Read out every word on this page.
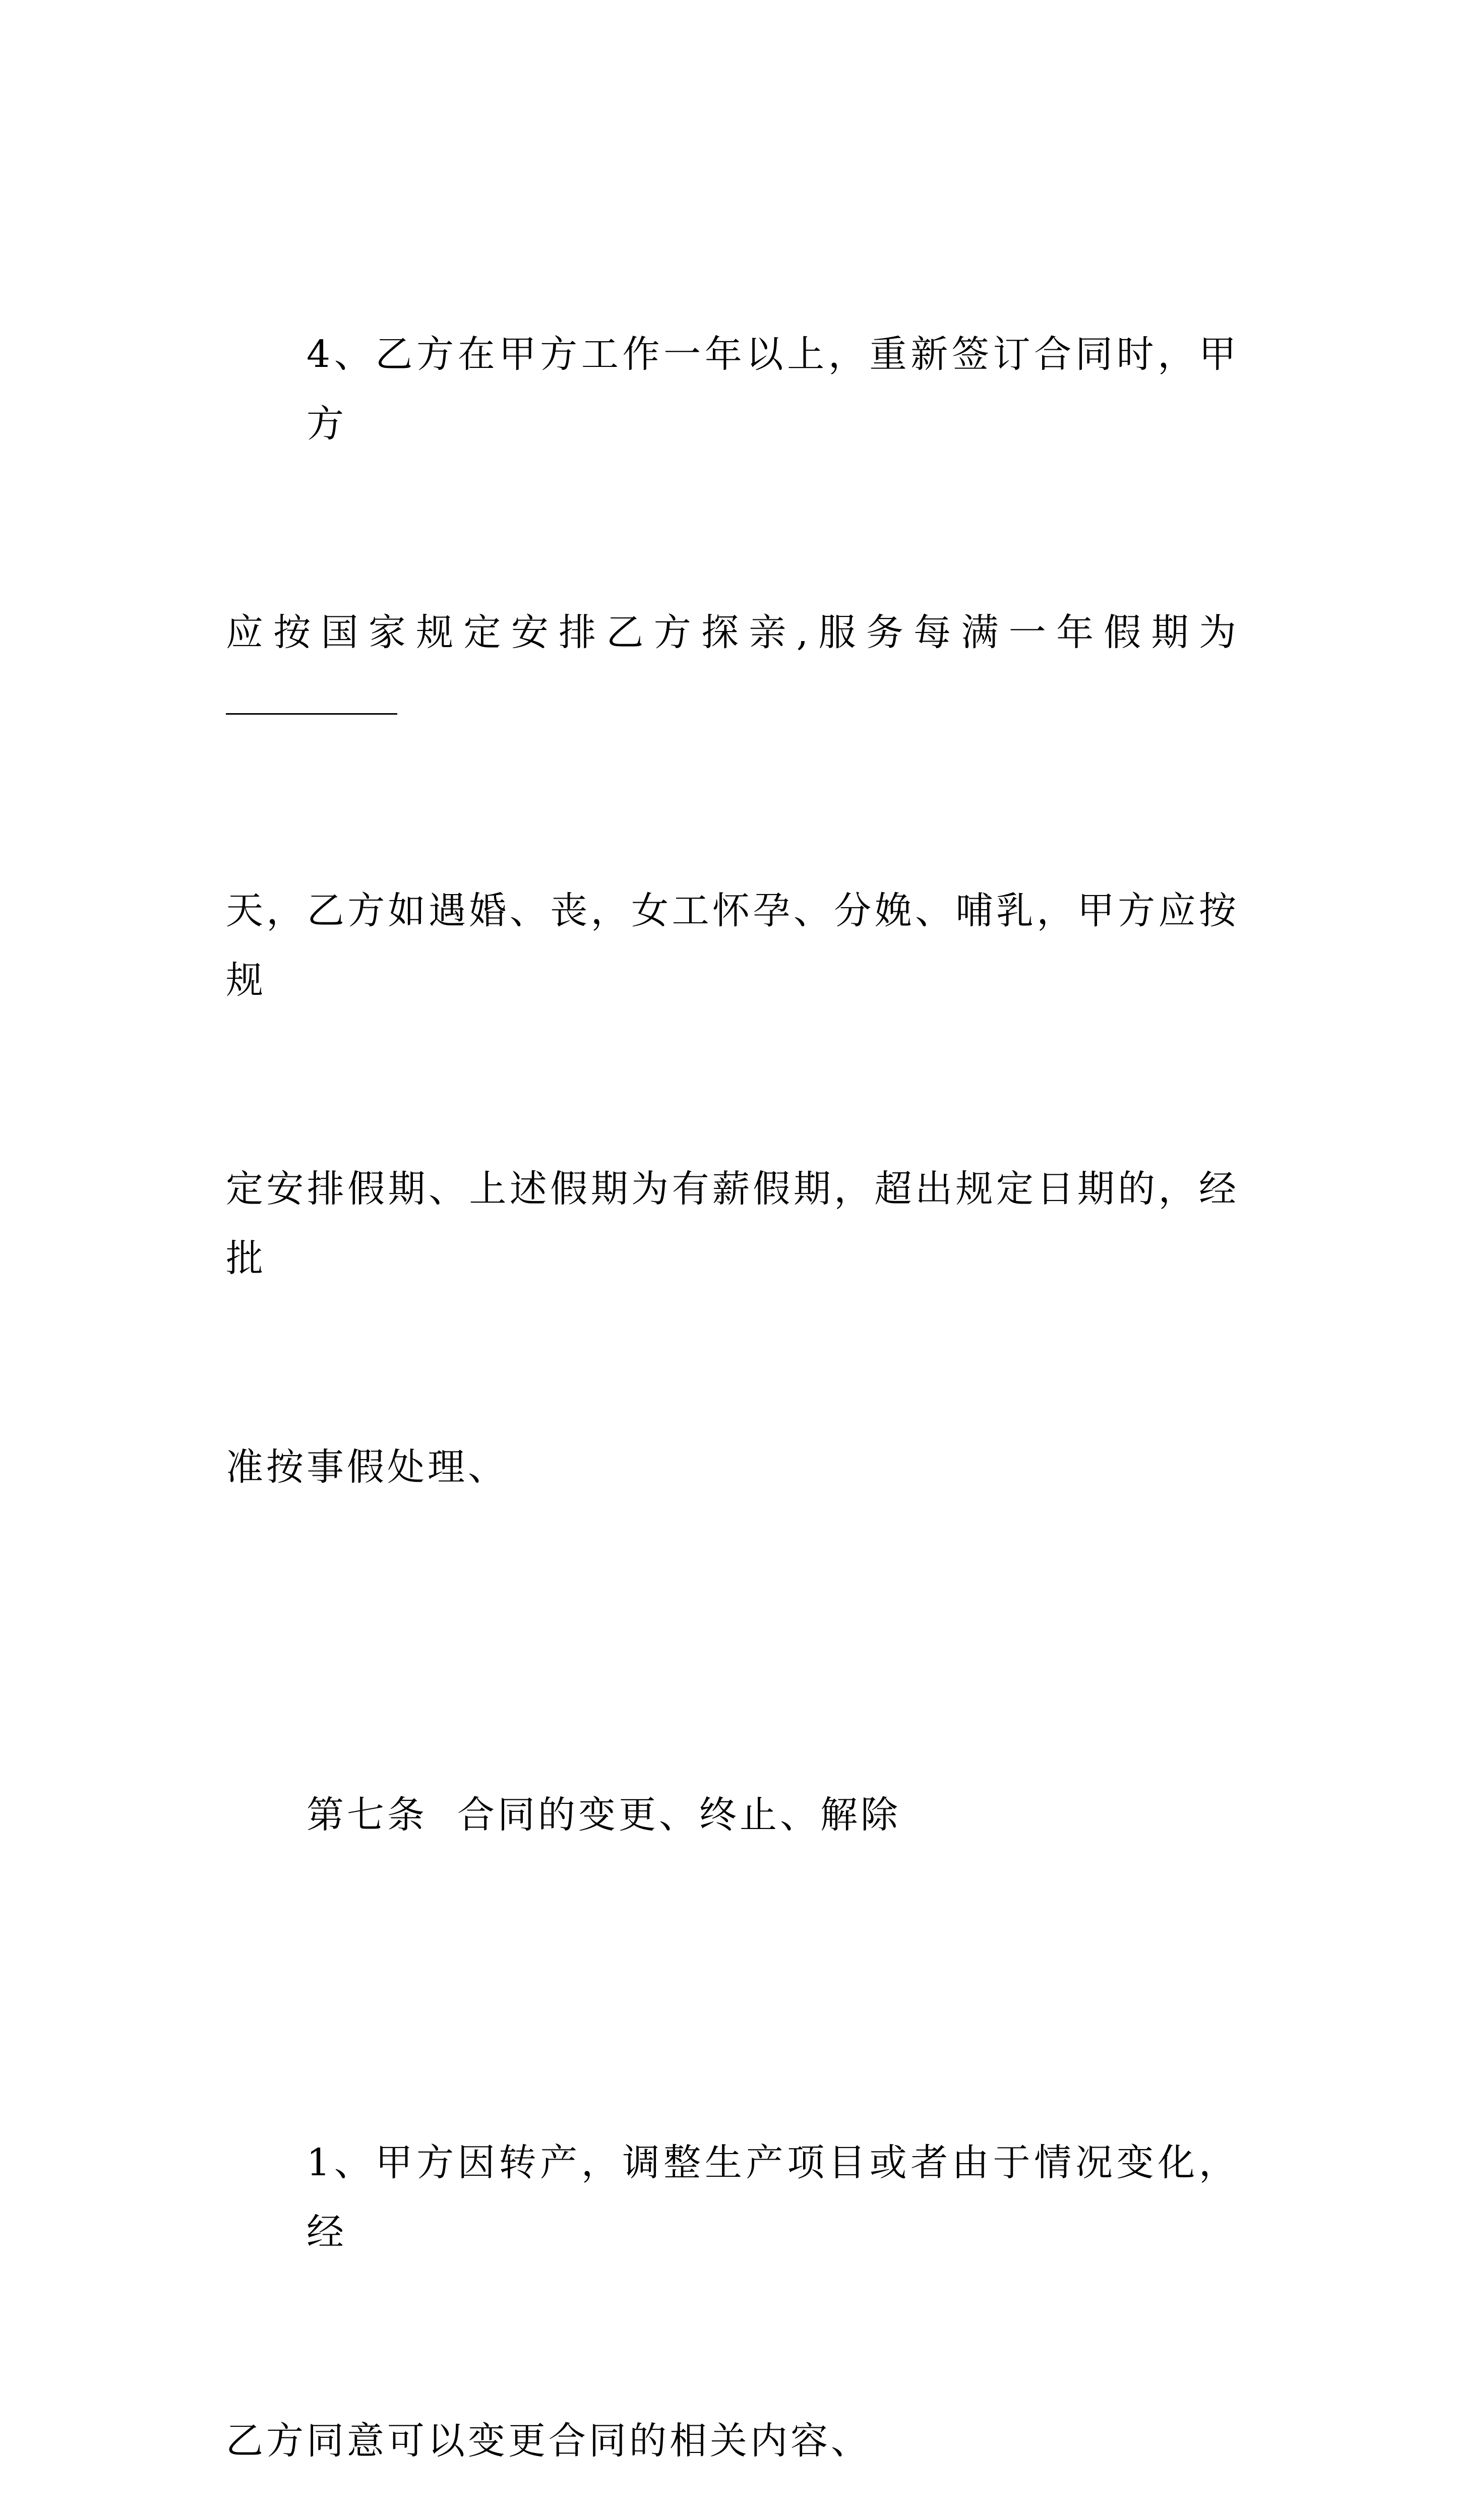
4、乙方在甲方工作一年以上，重新签订合同时，甲方

应按国家规定安排乙方探亲,服务每满一年假期为

天，乙方如遇婚、丧，女工怀孕、分娩、哺乳，甲方应按规

定安排假期、上述假期为有薪假期，超出规定日期的，经批

准按事假处理、

第七条  合同的变更、终止、解除

1、甲方因转产，调整生产项目或者由于情况变化，经

乙方同意可以变更合同的相关内容、
